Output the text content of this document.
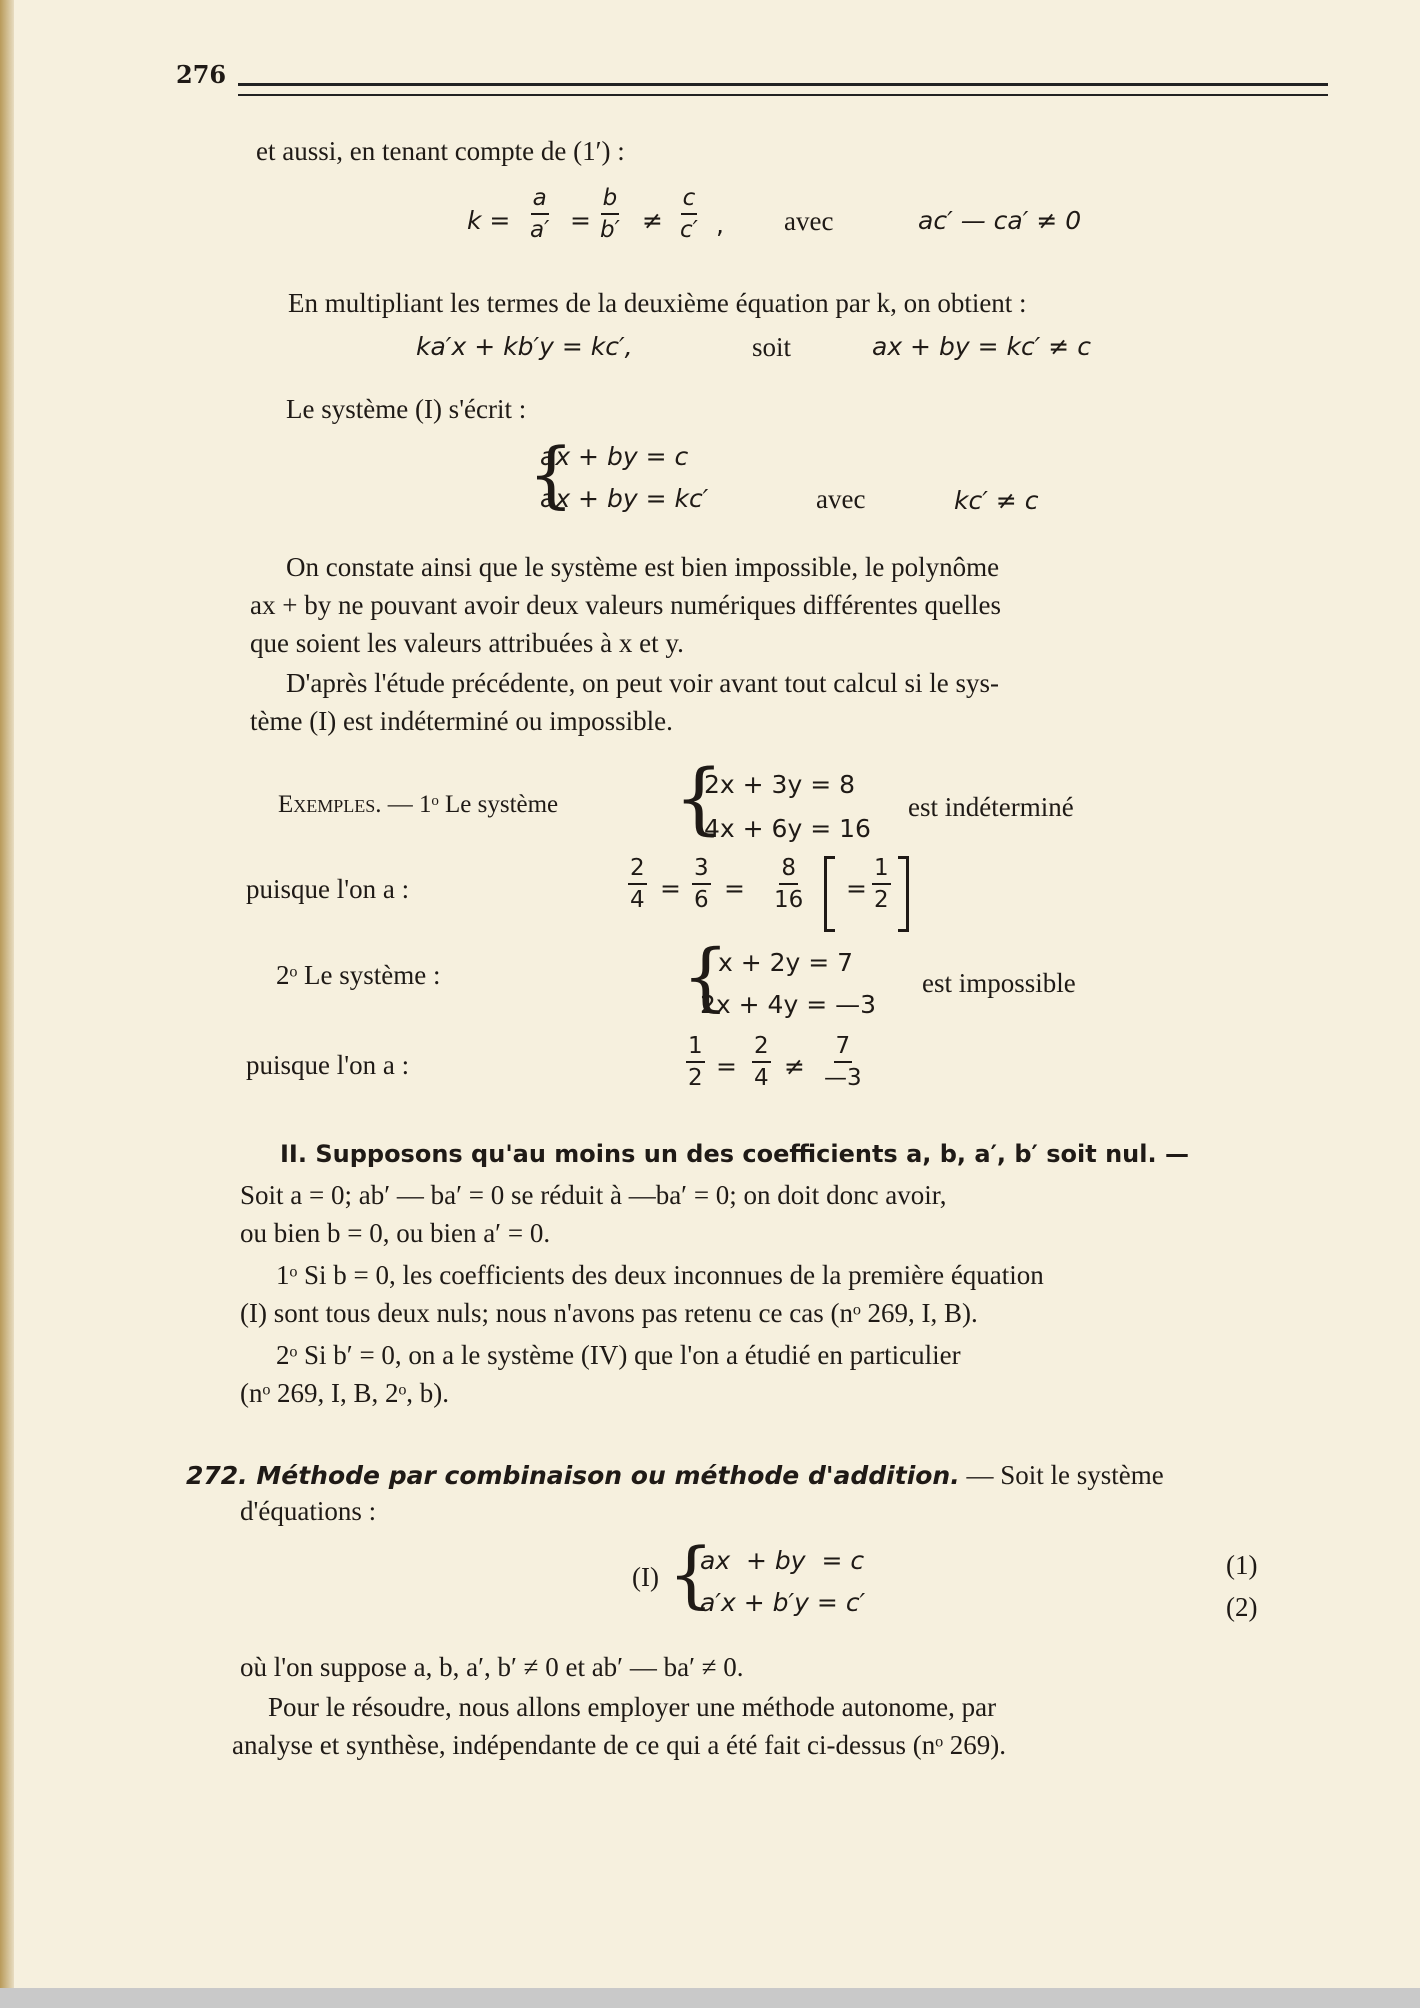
276
et aussi, en tenant compte de (1′) :
$k = \frac{a}{a'} = \frac{b}{b'} \ne \frac{c}{c'}$ , avec	ac′ — ca′ ≠ 0
En multipliant les termes de la deuxième équation par k, on obtient :
ka′x + kb′y = kc′,	soit	ax + by = kc′ ≠ c
Le système (I) s'écrit :
{
ax + by = c
ax + by = kc′	avec	kc′ ≠ c
On constate ainsi que le système est bien impossible, le polynôme
ax + by ne pouvant avoir deux valeurs numériques différentes quelles
que soient les valeurs attribuées à x et y.
D'après l'étude précédente, on peut voir avant tout calcul si le sys-
tème (I) est indéterminé ou impossible.
Exemples. — 1ᵒ Le système {
2x + 3y = 8
4x + 6y = 16
est indéterminé
puisque l'on a :	$\frac{2}{4} = \frac{3}{6} = \frac{8}{16} = \frac{1}{2}$
2ᵒ Le système :	{
x + 2y = 7
2x + 4y = —3
est impossible
puisque l'on a :	$\frac{1}{2} = \frac{2}{4} \ne \frac{7}{—3}$
II. Supposons qu'au moins un des coefficients a, b, a′, b′ soit nul. —
Soit a = 0; ab′ — ba′ = 0 se réduit à —ba′ = 0; on doit donc avoir,
ou bien b = 0, ou bien a′ = 0.
1ᵒ Si b = 0, les coefficients des deux inconnues de la première équation
(I) sont tous deux nuls; nous n'avons pas retenu ce cas (nᵒ 269, I, B).
2ᵒ Si b′ = 0, on a le système (IV) que l'on a étudié en particulier
(nᵒ 269, I, B, 2ᵒ, b).
272. Méthode par combinaison ou méthode d'addition. — Soit le système
d'équations :
(I) {
ax  + by  = c
a′x + b′y = c′
(1)
(2)
où l'on suppose a, b, a′, b′ ≠ 0 et ab′ — ba′ ≠ 0.
Pour le résoudre, nous allons employer une méthode autonome, par
analyse et synthèse, indépendante de ce qui a été fait ci-dessus (nᵒ 269).
